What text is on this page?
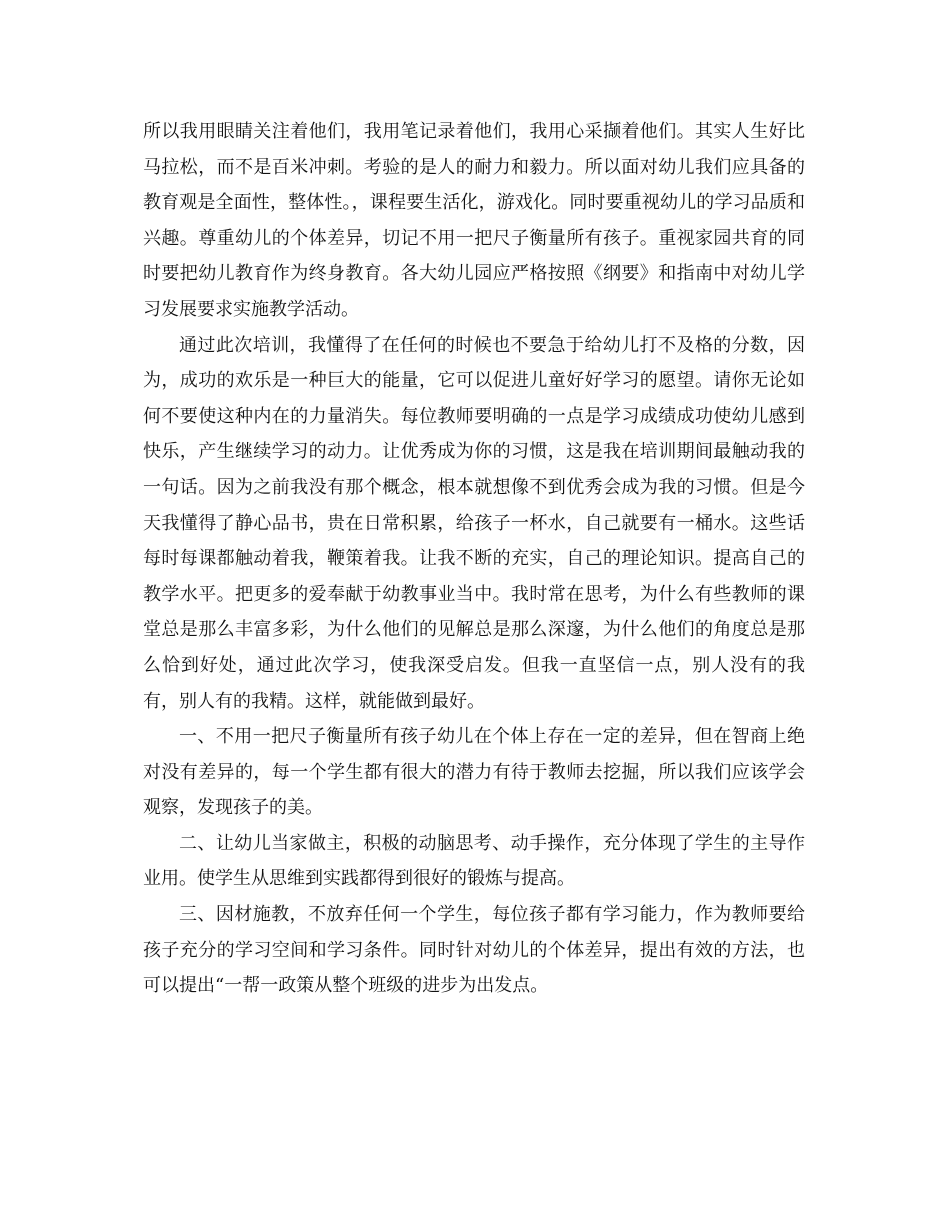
所以我用眼睛关注着他们，我用笔记录着他们，我用心采撷着他们。其实人生好比马拉松，而不是百米冲刺。考验的是人的耐力和毅力。所以面对幼儿我们应具备的教育观是全面性，整体性。，课程要生活化，游戏化。同时要重视幼儿的学习品质和兴趣。尊重幼儿的个体差异，切记不用一把尺子衡量所有孩子。重视家园共育的同时要把幼儿教育作为终身教育。各大幼儿园应严格按照《纲要》和指南中对幼儿学习发展要求实施教学活动。

通过此次培训，我懂得了在任何的时候也不要急于给幼儿打不及格的分数，因为，成功的欢乐是一种巨大的能量，它可以促进儿童好好学习的愿望。请你无论如何不要使这种内在的力量消失。每位教师要明确的一点是学习成绩成功使幼儿感到快乐，产生继续学习的动力。让优秀成为你的习惯，这是我在培训期间最触动我的一句话。因为之前我没有那个概念，根本就想像不到优秀会成为我的习惯。但是今天我懂得了静心品书，贵在日常积累，给孩子一杯水，自己就要有一桶水。这些话每时每课都触动着我，鞭策着我。让我不断的充实，自己的理论知识。提高自己的教学水平。把更多的爱奉献于幼教事业当中。我时常在思考，为什么有些教师的课堂总是那么丰富多彩，为什么他们的见解总是那么深邃，为什么他们的角度总是那么恰到好处，通过此次学习，使我深受启发。但我一直坚信一点，别人没有的我有，别人有的我精。这样，就能做到最好。

一、不用一把尺子衡量所有孩子幼儿在个体上存在一定的差异，但在智商上绝对没有差异的，每一个学生都有很大的潜力有待于教师去挖掘，所以我们应该学会观察，发现孩子的美。

二、让幼儿当家做主，积极的动脑思考、动手操作，充分体现了学生的主导作业用。使学生从思维到实践都得到很好的锻炼与提高。

三、因材施教，不放弃任何一个学生，每位孩子都有学习能力，作为教师要给孩子充分的学习空间和学习条件。同时针对幼儿的个体差异，提出有效的方法，也可以提出“一帮一政策从整个班级的进步为出发点。
